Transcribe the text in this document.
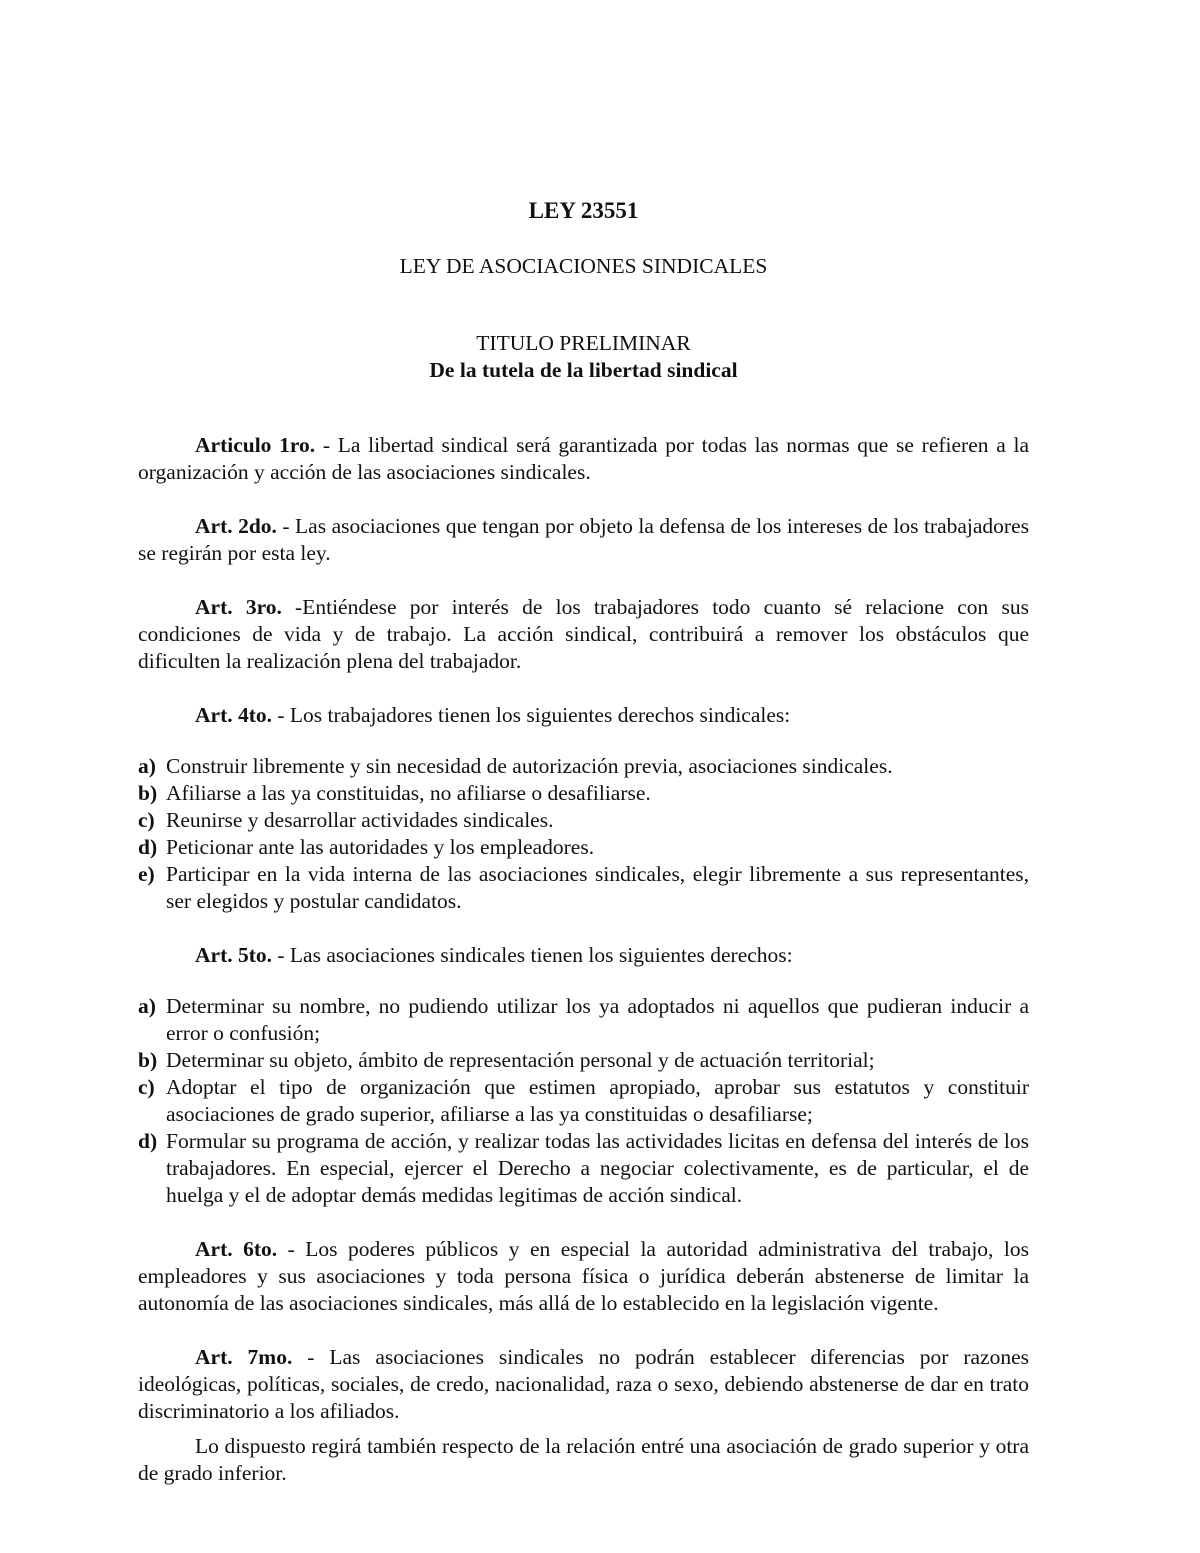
LEY 23551

LEY DE ASOCIACIONES SINDICALES

TITULO PRELIMINAR

De la tutela de la libertad sindical

Articulo 1ro. - La libertad sindical será garantizada por todas las normas que se refieren a la organización y acción de las asociaciones sindicales.

Art. 2do. - Las asociaciones que tengan por objeto la defensa de los intereses de los trabajadores se regirán por esta ley.

Art. 3ro. -Entiéndese por interés de los trabajadores todo cuanto sé relacione con sus condiciones de vida y de trabajo. La acción sindical, contribuirá a remover los obstáculos que dificulten la realización plena del trabajador.

Art. 4to. - Los trabajadores tienen los siguientes derechos sindicales:

a) Construir libremente y sin necesidad de autorización previa, asociaciones sindicales.
b) Afiliarse a las ya constituidas, no afiliarse o desafiliarse.
c) Reunirse y desarrollar actividades sindicales.
d) Peticionar ante las autoridades y los empleadores.
e) Participar en la vida interna de las asociaciones sindicales, elegir libremente a sus representantes, ser elegidos y postular candidatos.

Art. 5to. - Las asociaciones sindicales tienen los siguientes derechos:

a) Determinar su nombre, no pudiendo utilizar los ya adoptados ni aquellos que pudieran inducir a error o confusión;
b) Determinar su objeto, ámbito de representación personal y de actuación territorial;
c) Adoptar el tipo de organización que estimen apropiado, aprobar sus estatutos y constituir asociaciones de grado superior, afiliarse a las ya constituidas o desafiliarse;
d) Formular su programa de acción, y realizar todas las actividades licitas en defensa del interés de los trabajadores. En especial, ejercer el Derecho a negociar colectivamente, es de particular, el de huelga y el de adoptar demás medidas legitimas de acción sindical.

Art. 6to. - Los poderes públicos y en especial la autoridad administrativa del trabajo, los empleadores y sus asociaciones y toda persona física o jurídica deberán abstenerse de limitar la autonomía de las asociaciones sindicales, más allá de lo establecido en la legislación vigente.

Art. 7mo. - Las asociaciones sindicales no podrán establecer diferencias por razones ideológicas, políticas, sociales, de credo, nacionalidad, raza o sexo, debiendo abstenerse de dar en trato discriminatorio a los afiliados.

Lo dispuesto regirá también respecto de la relación entré una asociación de grado superior y otra de grado inferior.
